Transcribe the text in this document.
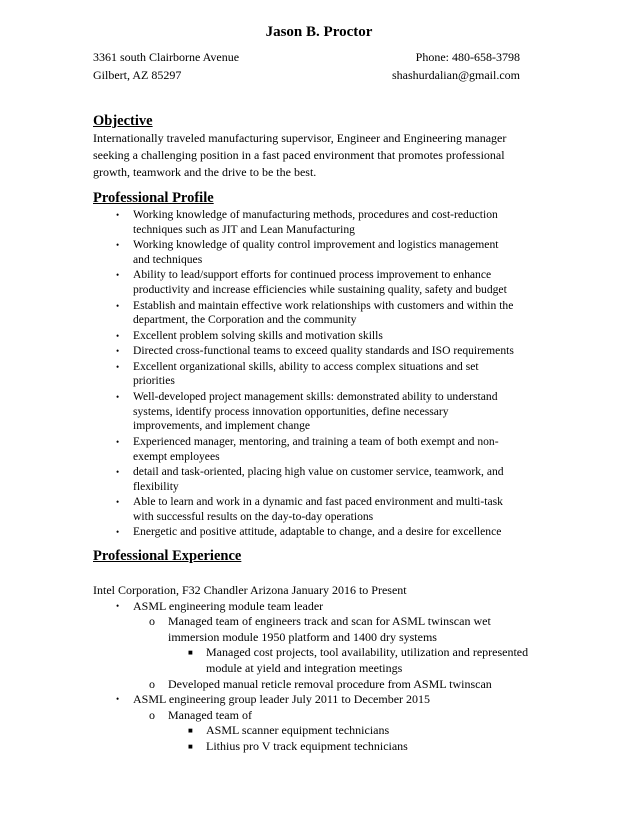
Jason B. Proctor
3361 south Clairborne Avenue	Phone: 480-658-3798
Gilbert, AZ 85297	shashurdalian@gmail.com
Objective
Internationally traveled manufacturing supervisor, Engineer and Engineering manager
seeking a challenging position in a fast paced environment that promotes professional
growth, teamwork and the drive to be the best.
Professional Profile
• Working knowledge of manufacturing methods, procedures and cost-reduction
techniques such as JIT and Lean Manufacturing
• Working knowledge of quality control improvement and logistics management
and techniques
• Ability to lead/support efforts for continued process improvement to enhance
productivity and increase efficiencies while sustaining quality, safety and budget
• Establish and maintain effective work relationships with customers and within the
department, the Corporation and the community
• Excellent problem solving skills and motivation skills
• Directed cross-functional teams to exceed quality standards and ISO requirements
• Excellent organizational skills, ability to access complex situations and set
priorities
• Well-developed project management skills: demonstrated ability to understand
systems, identify process innovation opportunities, define necessary
improvements, and implement change
• Experienced manager, mentoring, and training a team of both exempt and non-
exempt employees
• detail and task-oriented, placing high value on customer service, teamwork, and
flexibility
• Able to learn and work in a dynamic and fast paced environment and multi-task
with successful results on the day-to-day operations
• Energetic and positive attitude, adaptable to change, and a desire for excellence
Professional Experience
Intel Corporation, F32 Chandler Arizona January 2016 to Present
• ASML engineering module team leader
o Managed team of engineers track and scan for ASML twinscan wet
immersion module 1950 platform and 1400 dry systems
■ Managed cost projects, tool availability, utilization and represented
module at yield and integration meetings
o Developed manual reticle removal procedure from ASML twinscan
• ASML engineering group leader July 2011 to December 2015
o Managed team of
■ ASML scanner equipment technicians
■ Lithius pro V track equipment technicians
